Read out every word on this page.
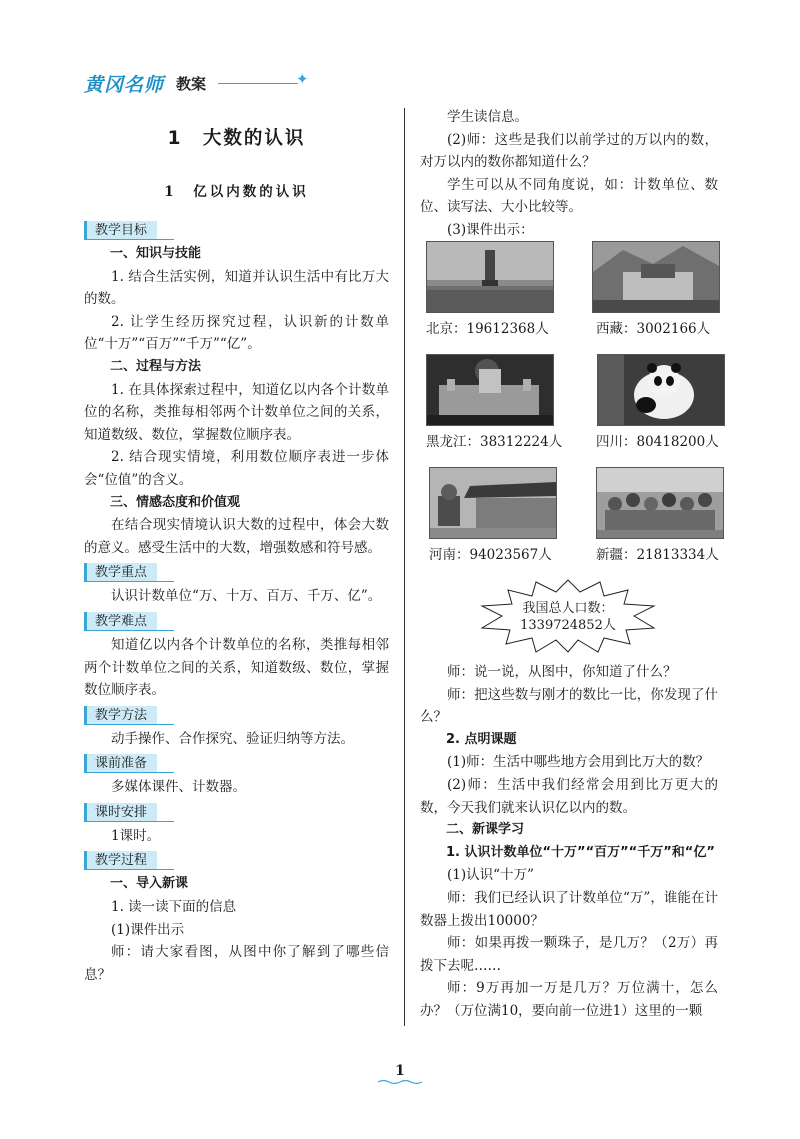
黄冈名师 教案	✦
1　大数的认识
1　亿以内数的认识
教学目标

一、知识与技能

1. 结合生活实例，知道并认识生活中有比万大的数。

2. 让学生经历探究过程，认识新的计数单位“十万”“百万”“千万”“亿”。

二、过程与方法

1. 在具体探索过程中，知道亿以内各个计数单位的名称，类推每相邻两个计数单位之间的关系，知道数级、数位，掌握数位顺序表。

2. 结合现实情境，利用数位顺序表进一步体会“位值”的含义。

三、情感态度和价值观

在结合现实情境认识大数的过程中，体会大数的意义。感受生活中的大数，增强数感和符号感。

教学重点

认识计数单位“万、十万、百万、千万、亿”。

教学难点

知道亿以内各个计数单位的名称，类推每相邻两个计数单位之间的关系，知道数级、数位，掌握数位顺序表。

教学方法

动手操作、合作探究、验证归纳等方法。

课前准备

多媒体课件、计数器。

课时安排

1课时。

教学过程

一、导入新课

1. 读一读下面的信息

(1)课件出示

师：请大家看图，从图中你了解到了哪些信息？

学生读信息。

(2)师：这些是我们以前学过的万以内的数，对万以内的数你都知道什么？

学生可以从不同角度说，如：计数单位、数位、读写法、大小比较等。

(3)课件出示：

北京：19612368人	西藏：3002166人
黑龙江：38312224人	四川：80418200人
河南：94023567人	新疆：21813334人
我国总人口数：
1339724852人

师：说一说，从图中，你知道了什么？

师：把这些数与刚才的数比一比，你发现了什么？

2. 点明课题

(1)师：生活中哪些地方会用到比万大的数？

(2)师：生活中我们经常会用到比万更大的数，今天我们就来认识亿以内的数。

二、新课学习

1. 认识计数单位“十万”“百万”“千万”和“亿”

(1)认识“十万”

师：我们已经认识了计数单位“万”，谁能在计数器上拨出10000？

师：如果再拨一颗珠子，是几万？（2万）再拨下去呢……

师：9万再加一万是几万？万位满十，怎么办？（万位满10，要向前一位进1）这里的一颗

1
